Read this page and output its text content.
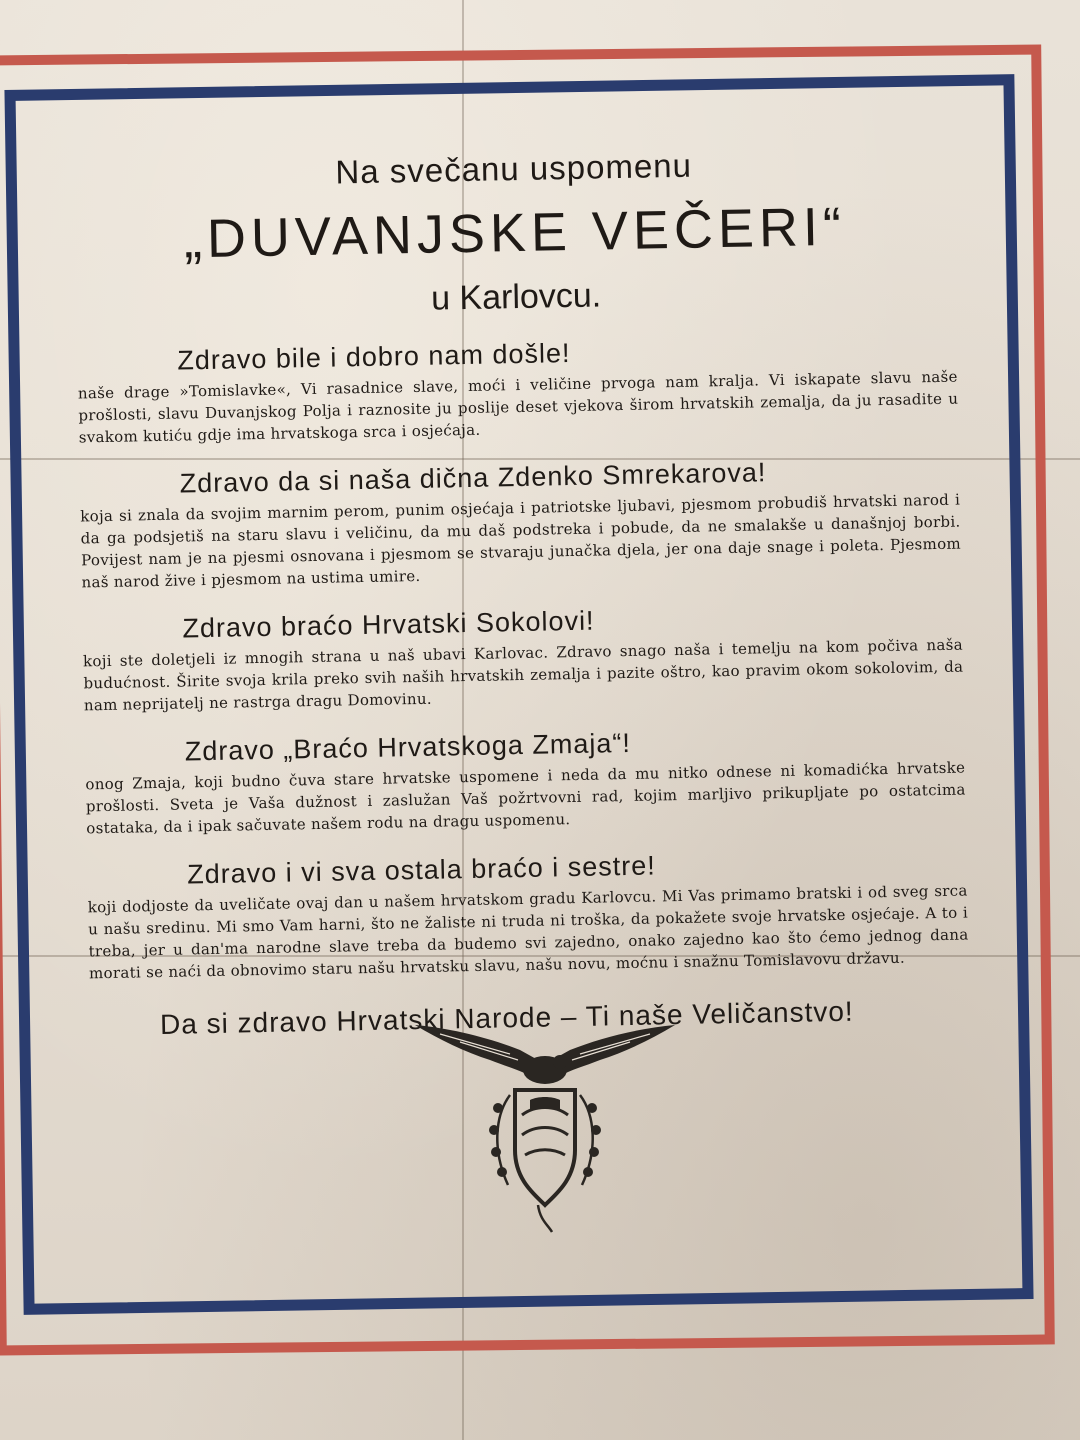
Na svečanu uspomenu
„DUVANJSKE VEČERI“
u Karlovcu.
Zdravo bile i dobro nam došle!
naše drage »Tomislavke«, Vi rasadnice slave, moći i veličine prvoga nam kralja. Vi iskapate slavu naše prošlosti, slavu Duvanjskog Polja i raznosite ju poslije deset vjekova širom hrvatskih zemalja, da ju rasadite u svakom kutiću gdje ima hrvatskoga srca i osjećaja.
Zdravo da si naša dična Zdenko Smrekarova!
koja si znala da svojim marnim perom, punim osjećaja i patriotske ljubavi, pjesmom probudiš hrvatski narod i da ga podsjetiš na staru slavu i veličinu, da mu daš podstreka i pobude, da ne smalakše u današnjoj borbi. Povijest nam je na pjesmi osnovana i pjesmom se stvaraju junačka djela, jer ona daje snage i poleta. Pjesmom naš narod žive i pjesmom na ustima umire.
Zdravo braćo Hrvatski Sokolovi!
koji ste doletjeli iz mnogih strana u naš ubavi Karlovac. Zdravo snago naša i temelju na kom počiva naša budućnost. Širite svoja krila preko svih naših hrvatskih zemalja i pazite oštro, kao pravim okom sokolovim, da nam neprijatelj ne rastrga dragu Domovinu.
Zdravo „Braćo Hrvatskoga Zmaja“!
onog Zmaja, koji budno čuva stare hrvatske uspomene i neda da mu nitko odnese ni komadićka hrvatske prošlosti. Sveta je Vaša dužnost i zaslužan Vaš požrtvovni rad, kojim marljivo prikupljate po ostatcima ostataka, da i ipak sačuvate našem rodu na dragu uspomenu.
Zdravo i vi sva ostala braćo i sestre!
koji dodjoste da uveličate ovaj dan u našem hrvatskom gradu Karlovcu. Mi Vas primamo bratski i od sveg srca u našu sredinu. Mi smo Vam harni, što ne žaliste ni truda ni troška, da pokažete svoje hrvatske osjećaje. A to i treba, jer u dan'ma narodne slave treba da budemo svi zajedno, onako zajedno kao što ćemo jednog dana morati se naći da obnovimo staru našu hrvatsku slavu, našu novu, moćnu i snažnu Tomislavovu državu.
Da si zdravo Hrvatski Narode – Ti naše Veličanstvo!
